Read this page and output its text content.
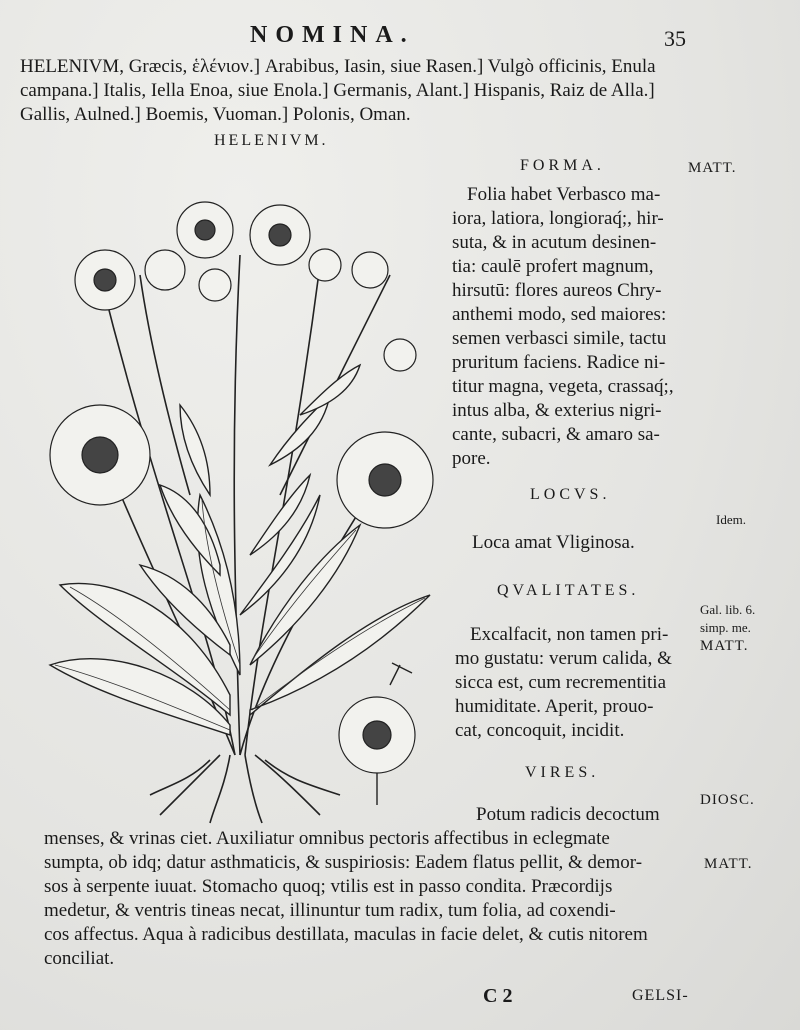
NOMINA.	35
HELENIVM, Græcis, ἑλένιον.] Arabibus, Iasin, siue Rasen.] Vulgò officinis, Enula
campana.] Italis, Iella Enoa, siue Enola.] Germanis, Alant.] Hispanis, Raiz de Alla.]
Gallis, Aulned.] Boemis, Vuoman.] Polonis, Oman.
HELENIVM.
FORMA.
Folia habet Verbasco ma-
iora, latiora, longioraq́;, hir-
suta, & in acutum desinen-
tia: caulē profert magnum,
hirsutū: flores aureos Chry-
anthemi modo, sed maiores:
semen verbasci simile, tactu
pruritum faciens. Radice ni-
titur magna, vegeta, crassaq́;,
intus alba, & exterius nigri-
cante, subacri, & amaro sa-
pore.
LOCVS.
Loca amat Vliginosa.
QVALITATES.
Excalfacit, non tamen pri-
mo gustatu: verum calida, &
sicca est, cum recrementitia
humiditate. Aperit, prouo-
cat, concoquit, incidit.
VIRES.
Potum radicis decoctum
menses, & vrinas ciet. Auxiliatur omnibus pectoris affectibus in eclegmate
sumpta, ob idq; datur asthmaticis, & suspiriosis: Eadem flatus pellit, & demor-
sos à serpente iuuat. Stomacho quoq; vtilis est in passo condita. Præcordijs
medetur, & ventris tineas necat, illinuntur tum radix, tum folia, ad coxendi-
cos affectus. Aqua à radicibus destillata, maculas in facie delet, & cutis nitorem
conciliat.
MATT.
Idem.
Gal. lib. 6.
simp. me.
MATT.
DIOSC.
MATT.
C 2	GELSI-
